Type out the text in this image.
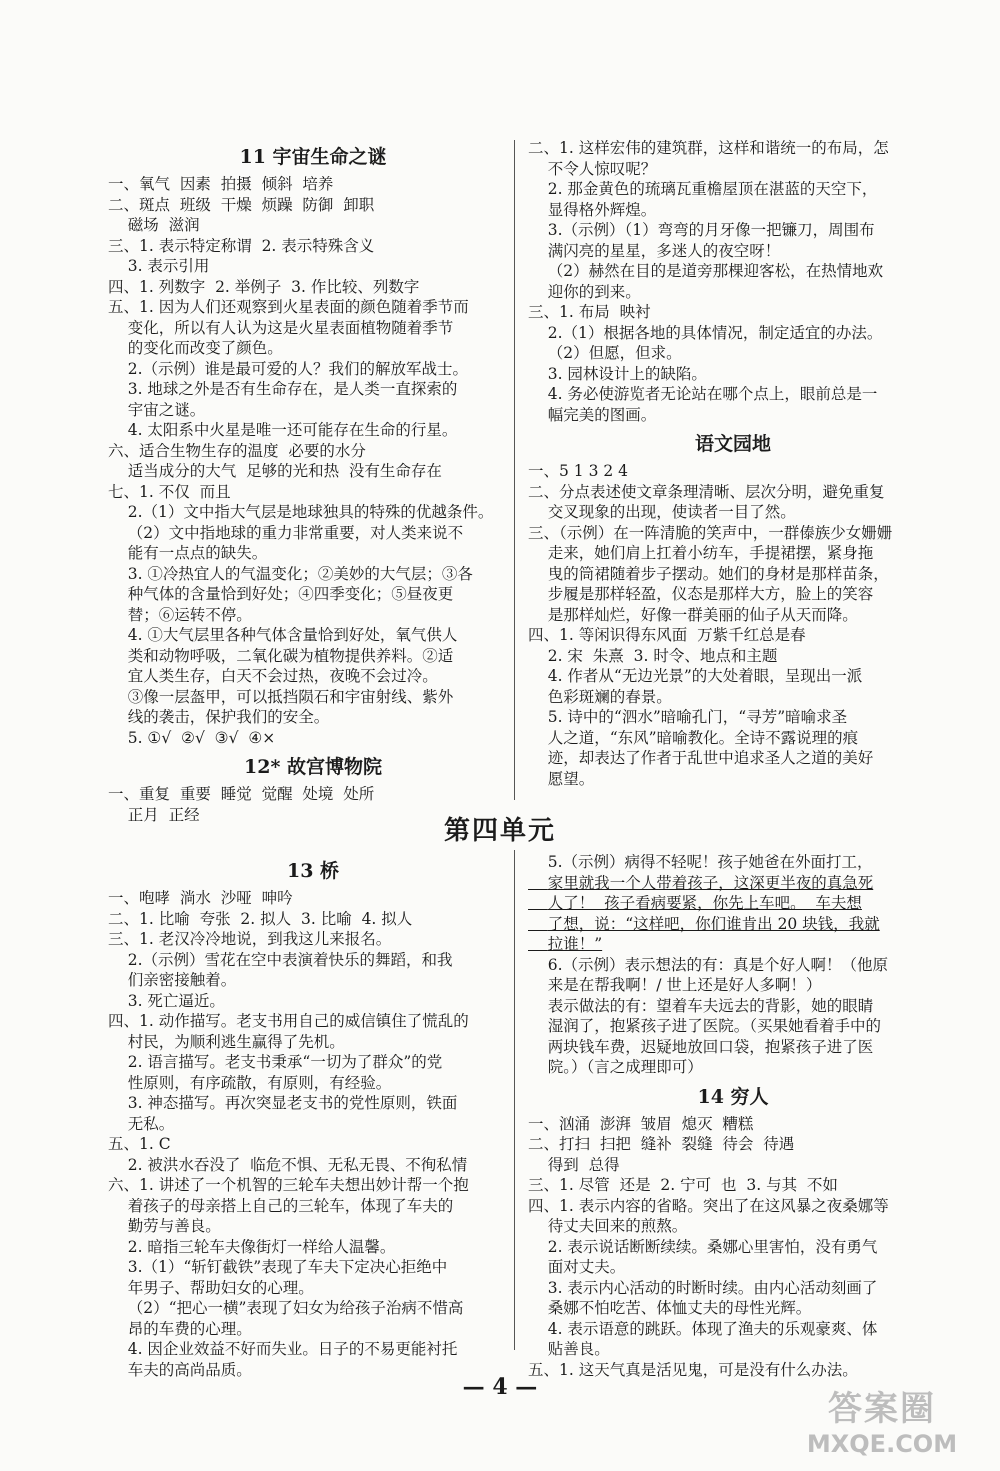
11 宇宙生命之谜

一、氧气  因素  拍摄  倾斜  培养

二、斑点  班级  干燥  烦躁  防御  卸职

磁场  滋润

三、1. 表示特定称谓  2. 表示特殊含义

3. 表示引用

四、1. 列数字  2. 举例子  3. 作比较、列数字

五、1. 因为人们还观察到火星表面的颜色随着季节而

变化，所以有人认为这是火星表面植物随着季节

的变化而改变了颜色。

2.（示例）谁是最可爱的人？我们的解放军战士。

3. 地球之外是否有生命存在，是人类一直探索的

宇宙之谜。

4. 太阳系中火星是唯一还可能存在生命的行星。

六、适合生物生存的温度  必要的水分

适当成分的大气  足够的光和热  没有生命存在

七、1. 不仅  而且

2.（1）文中指大气层是地球独具的特殊的优越条件。

（2）文中指地球的重力非常重要，对人类来说不

能有一点点的缺失。

3. ①冷热宜人的气温变化；②美妙的大气层；③各

种气体的含量恰到好处；④四季变化；⑤昼夜更

替；⑥运转不停。

4. ①大气层里各种气体含量恰到好处，氧气供人

类和动物呼吸，二氧化碳为植物提供养料。②适

宜人类生存，白天不会过热，夜晚不会过冷。

③像一层盔甲，可以抵挡陨石和宇宙射线、紫外

线的袭击，保护我们的安全。

5. ①√  ②√  ③√  ④×

12* 故宫博物院

一、重复  重要  睡觉  觉醒  处境  处所

正月  正经

二、1. 这样宏伟的建筑群，这样和谐统一的布局，怎

不令人惊叹呢？

2. 那金黄色的琉璃瓦重檐屋顶在湛蓝的天空下，

显得格外辉煌。

3.（示例）（1）弯弯的月牙像一把镰刀，周围布

满闪亮的星星，多迷人的夜空呀！

（2）赫然在目的是道旁那棵迎客松，在热情地欢

迎你的到来。

三、1. 布局  映衬

2.（1）根据各地的具体情况，制定适宜的办法。

（2）但愿，但求。

3. 园林设计上的缺陷。

4. 务必使游览者无论站在哪个点上，眼前总是一

幅完美的图画。

语文园地

一、5 1 3 2 4

二、分点表述使文章条理清晰、层次分明，避免重复

交叉现象的出现，使读者一目了然。

三、（示例）在一阵清脆的笑声中，一群傣族少女姗姗

走来，她们肩上扛着小纺车，手提裙摆，紧身拖

曳的筒裙随着步子摆动。她们的身材是那样苗条，

步履是那样轻盈，仪态是那样大方，脸上的笑容

是那样灿烂，好像一群美丽的仙子从天而降。

四、1. 等闲识得东风面  万紫千红总是春

2. 宋  朱熹  3. 时令、地点和主题

4. 作者从“无边光景”的大处着眼，呈现出一派

色彩斑斓的春景。

5. 诗中的“泗水”暗喻孔门，“寻芳”暗喻求圣

人之道，“东风”暗喻教化。全诗不露说理的痕

迹，却表达了作者于乱世中追求圣人之道的美好

愿望。

第四单元
13 桥

一、咆哮  淌水  沙哑  呻吟

二、1. 比喻  夸张  2. 拟人  3. 比喻  4. 拟人

三、1. 老汉冷冷地说，到我这儿来报名。

2.（示例）雪花在空中表演着快乐的舞蹈，和我

们亲密接触着。

3. 死亡逼近。

四、1. 动作描写。老支书用自己的威信镇住了慌乱的

村民，为顺利逃生赢得了先机。

2. 语言描写。老支书秉承“一切为了群众”的党

性原则，有序疏散，有原则，有经验。

3. 神态描写。再次突显老支书的党性原则，铁面

无私。

五、1. C

2. 被洪水吞没了  临危不惧、无私无畏、不徇私情

六、1. 讲述了一个机智的三轮车夫想出妙计帮一个抱

着孩子的母亲搭上自己的三轮车，体现了车夫的

勤劳与善良。

2. 暗指三轮车夫像街灯一样给人温馨。

3.（1）“斩钉截铁”表现了车夫下定决心拒绝中

年男子、帮助妇女的心理。

（2）“把心一横”表现了妇女为给孩子治病不惜高

昂的车费的心理。

4. 因企业效益不好而失业。日子的不易更能衬托

车夫的高尚品质。

5.（示例）病得不轻呢！孩子她爸在外面打工，

家里就我一个人带着孩子，这深更半夜的真急死

人了！  孩子看病要紧，你先上车吧。  车夫想

了想，说：“这样吧，你们谁肯出 20 块钱，我就

拉谁！”

6.（示例）表示想法的有：真是个好人啊！（他原

来是在帮我啊！/ 世上还是好人多啊！）

表示做法的有：望着车夫远去的背影，她的眼睛

湿润了，抱紧孩子进了医院。（买果她看着手中的

两块钱车费，迟疑地放回口袋，抱紧孩子进了医

院。）（言之成理即可）

14 穷人

一、汹涌  澎湃  皱眉  熄灭  糟糕

二、打扫  扫把  缝补  裂缝  待会  待遇

得到  总得

三、1. 尽管  还是  2. 宁可  也  3. 与其  不如

四、1. 表示内容的省略。突出了在这风暴之夜桑娜等

待丈夫回来的煎熬。

2. 表示说话断断续续。桑娜心里害怕，没有勇气

面对丈夫。

3. 表示内心活动的时断时续。由内心活动刻画了

桑娜不怕吃苦、体恤丈夫的母性光辉。

4. 表示语意的跳跃。体现了渔夫的乐观豪爽、体

贴善良。

五、1. 这天气真是活见鬼，可是没有什么办法。

— 4 —
答案圈
MXQE.COM
